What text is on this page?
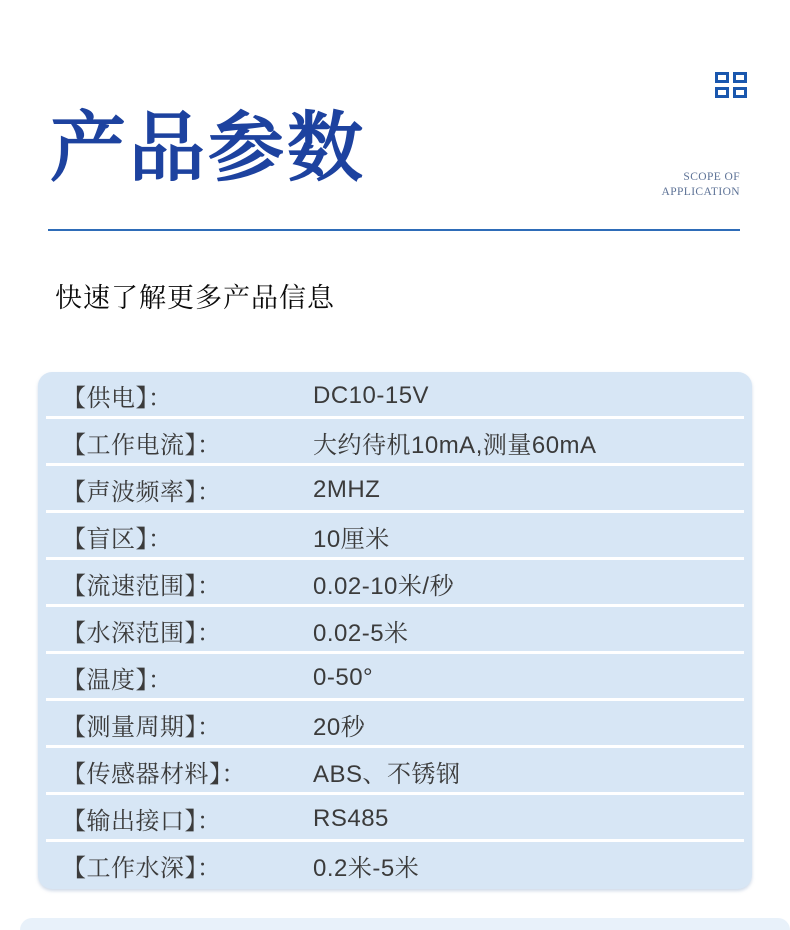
产品参数	SCOPE OF
APPLICATION
快速了解更多产品信息
【供电】：	DC10-15V
【工作电流】：	大约待机10mA,测量60mA
【声波频率】：	2MHZ
【盲区】：	10厘米
【流速范围】：	0.02-10米/秒
【水深范围】：	0.02-5米
【温度】：	0-50°
【测量周期】：	20秒
【传感器材料】：	ABS、不锈钢
【输出接口】：	RS485
【工作水深】：	0.2米-5米
